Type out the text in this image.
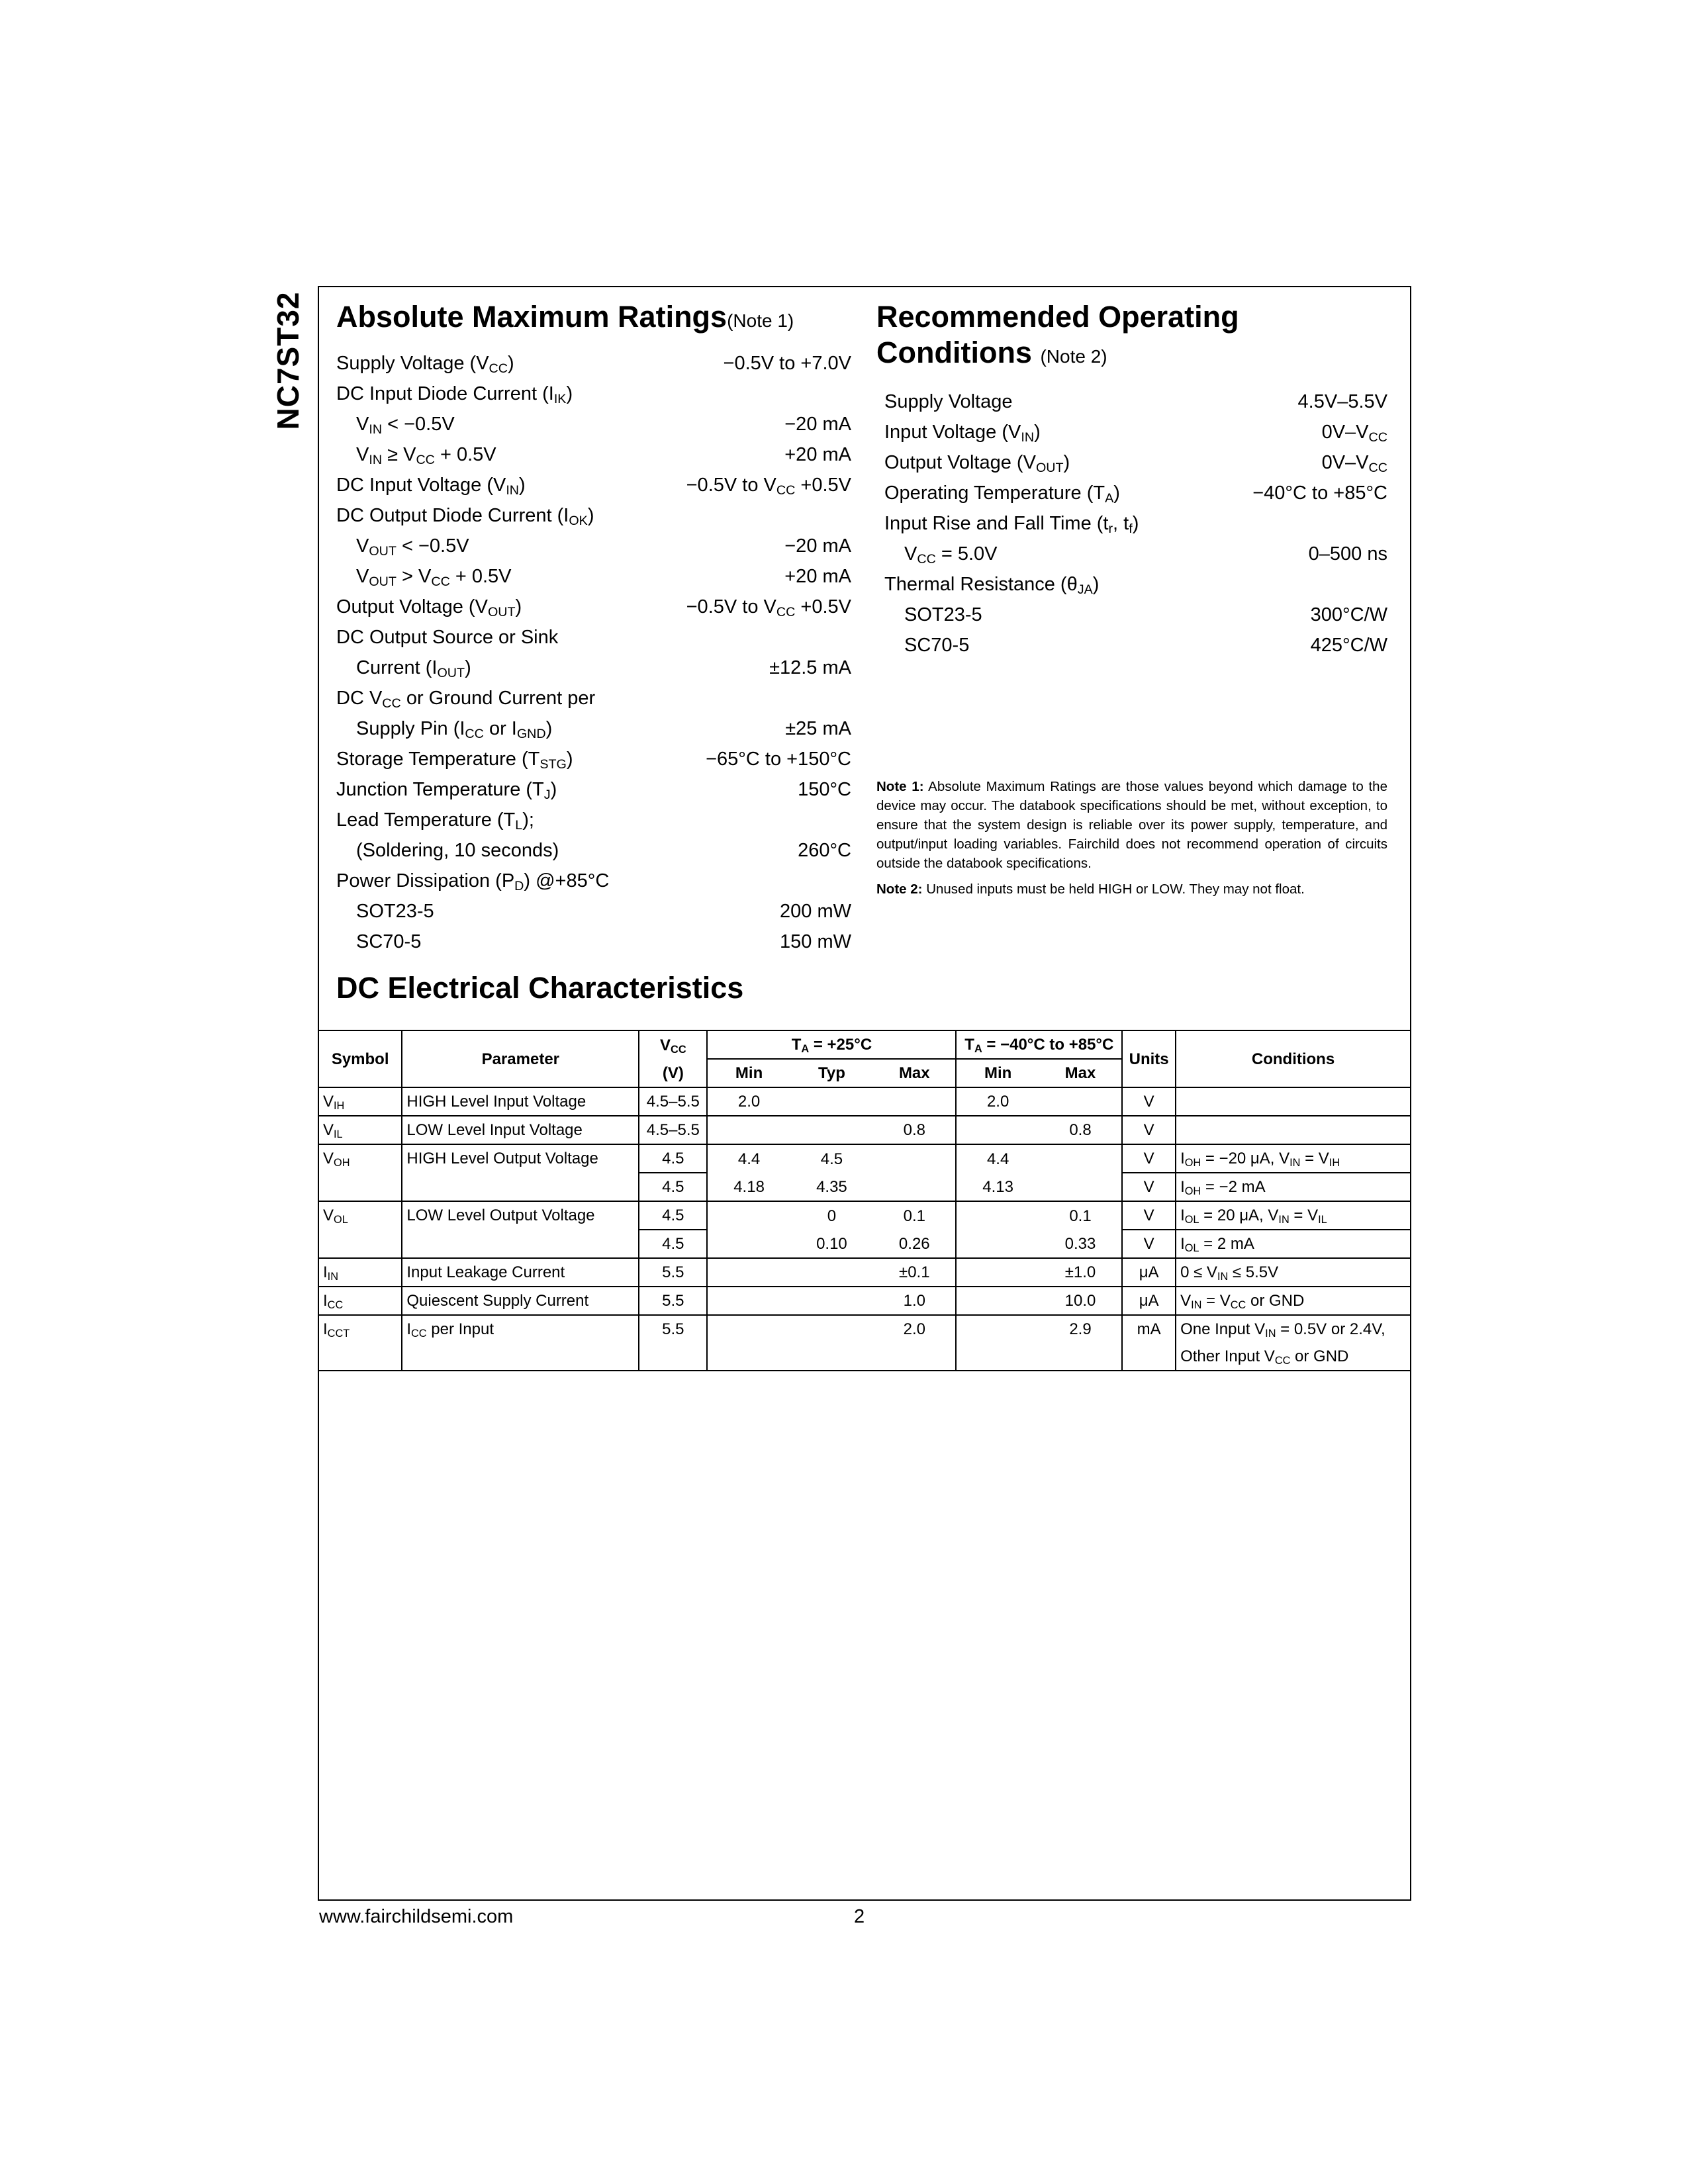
NC7ST32 Absolute Maximum Ratings(Note 1)
Supply Voltage $(V_{CC})$	−0.5V to +7.0V
DC Input Diode Current $(I_{IK})$
$V_{IN} < -0.5V$	−20 mA
$V_{IN} \ge V_{CC} + 0.5V$	+20 mA
DC Input Voltage $(V_{IN})$	−0.5V to $V_{CC} +0.5V$
DC Output Diode Current $(I_{OK})$
$V_{OUT} < -0.5V$	−20 mA
$V_{OUT} > V_{CC} + 0.5V$	+20 mA
Output Voltage $(V_{OUT})$	−0.5V to $V_{CC} +0.5V$
DC Output Source or Sink
Current $(I_{OUT})$	±12.5 mA
DC $V_{CC}$ or Ground Current per
Supply Pin ($I_{CC}$ or $I_{GND}$)	±25 mA
Storage Temperature $(T_{STG})$	−65°C to +150°C
Junction Temperature $(T_J)$	150°C
Lead Temperature $(T_L)$;
(Soldering, 10 seconds)	260°C
Power Dissipation $(P_D)$ @+85°C
SOT23-5	200 mW
SC70-5	150 mW
Recommended Operating
Conditions (Note 2)
Supply Voltage	4.5V–5.5V
Input Voltage $(V_{IN})$	$0V-V_{CC}$
Output Voltage $(V_{OUT})$	$0V-V_{CC}$
Operating Temperature $(T_A)$	−40°C to +85°C
Input Rise and Fall Time ($t_r$, $t_f$)
$V_{CC} = 5.0V$	0–500 ns
Thermal Resistance $(\theta_{JA})$
SOT23-5	300°C/W
SC70-5	425°C/W

Note 1: Absolute Maximum Ratings are those values beyond which damage to the device may occur. The databook specifications should be met, without exception, to ensure that the system design is reliable over its power supply, temperature, and output/input loading variables. Fairchild does not recommend operation of circuits outside the databook specifications.

Note 2: Unused inputs must be held HIGH or LOW. They may not float.

DC Electrical Characteristics
Symbol	Parameter	$V_{CC}$	$T_A = +25^\circ C$			$T_A = -40^\circ C$ to +85°C		Units	Conditions
		(V)	Min	Typ	Max	Min	Max		
$V_{IH}$	HIGH Level Input Voltage	4.5–5.5	2.0			2.0		V	
$V_{IL}$	LOW Level Input Voltage	4.5–5.5			0.8		0.8	V	
$V_{OH}$	HIGH Level Output Voltage	4.5	4.4	4.5		4.4		V	$I_{OH} = -20$ μA, $V_{IN} = V_{IH}$
		4.5	4.18	4.35		4.13		V	$I_{OH} = -2$ mA
$V_{OL}$	LOW Level Output Voltage	4.5		0	0.1		0.1	V	$I_{OL} = 20$ μA, $V_{IN} = V_{IL}$
		4.5		0.10	0.26		0.33	V	$I_{OL} = 2$ mA
$I_{IN}$	Input Leakage Current	5.5			±0.1		±1.0	μA	$0 \le V_{IN} \le 5.5V$
$I_{CC}$	Quiescent Supply Current	5.5			1.0		10.0	μA	$V_{IN} = V_{CC}$ or GND
$I_{CCT}$	$I_{CC}$ per Input	5.5			2.0		2.9	mA	One Input $V_{IN} = 0.5V$ or 2.4V,
Other Input $V_{CC}$ or GND
www.fairchildsemi.com	2
